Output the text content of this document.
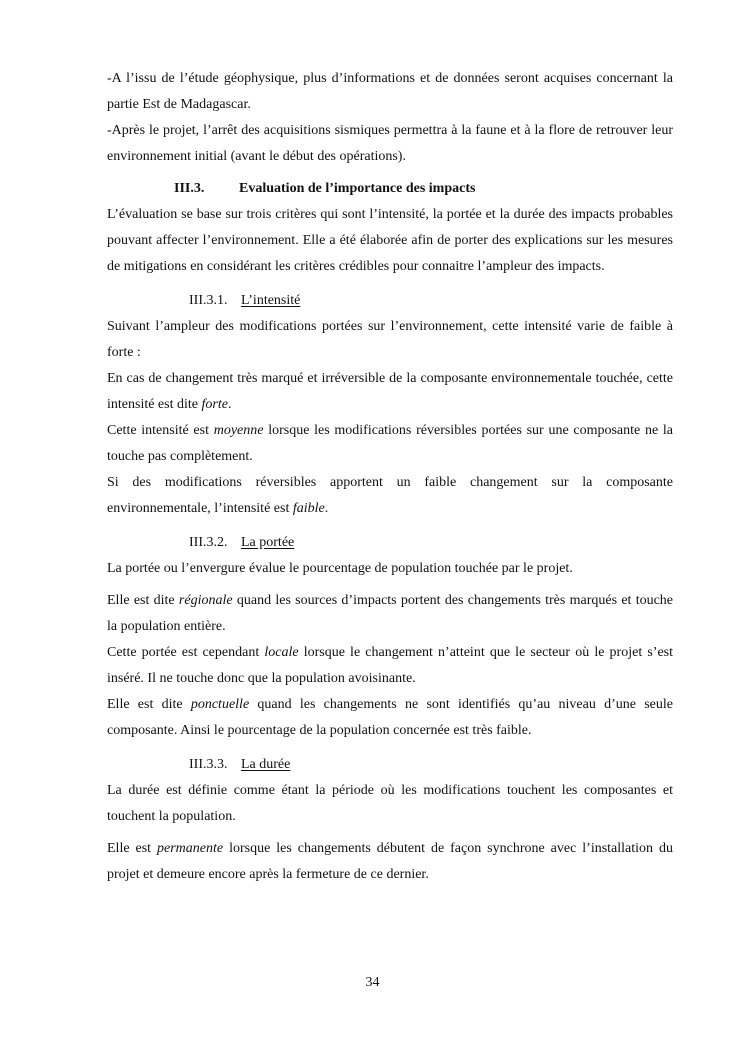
-A l’issu de l’étude géophysique, plus d’informations et de données seront acquises concernant la partie Est de Madagascar.

-Après le projet, l’arrêt des acquisitions sismiques permettra à la faune et à la flore de retrouver leur environnement initial (avant le début des opérations).

III.3. Evaluation de l’importance des impacts

L’évaluation se base sur trois critères qui sont l’intensité, la portée et la durée des impacts probables pouvant affecter l’environnement. Elle a été élaborée afin de porter des explications sur les mesures de mitigations en considérant les critères crédibles pour connaitre l’ampleur des impacts.

III.3.1. L’intensité

Suivant l’ampleur des modifications portées sur l’environnement, cette intensité varie de faible à forte :

En cas de changement très marqué et irréversible de la composante environnementale touchée, cette intensité est dite forte.

Cette intensité est moyenne lorsque les modifications réversibles portées sur une composante ne la touche pas complètement.

Si des modifications réversibles apportent un faible changement sur la composante environnementale, l’intensité est faible.

III.3.2. La portée

La portée ou l’envergure évalue le pourcentage de population touchée par le projet.

Elle est dite régionale quand les sources d’impacts portent des changements très marqués et touche la population entière.

Cette portée est cependant locale lorsque le changement n’atteint que le secteur où le projet s’est inséré. Il ne touche donc que la population avoisinante.

Elle est dite ponctuelle quand les changements ne sont identifiés qu’au niveau d’une seule composante. Ainsi le pourcentage de la population concernée est très faible.

III.3.3. La durée

La durée est définie comme étant la période où les modifications touchent les composantes et touchent la population.

Elle est permanente lorsque les changements débutent de façon synchrone avec l’installation du projet et demeure encore après la fermeture de ce dernier.

34
